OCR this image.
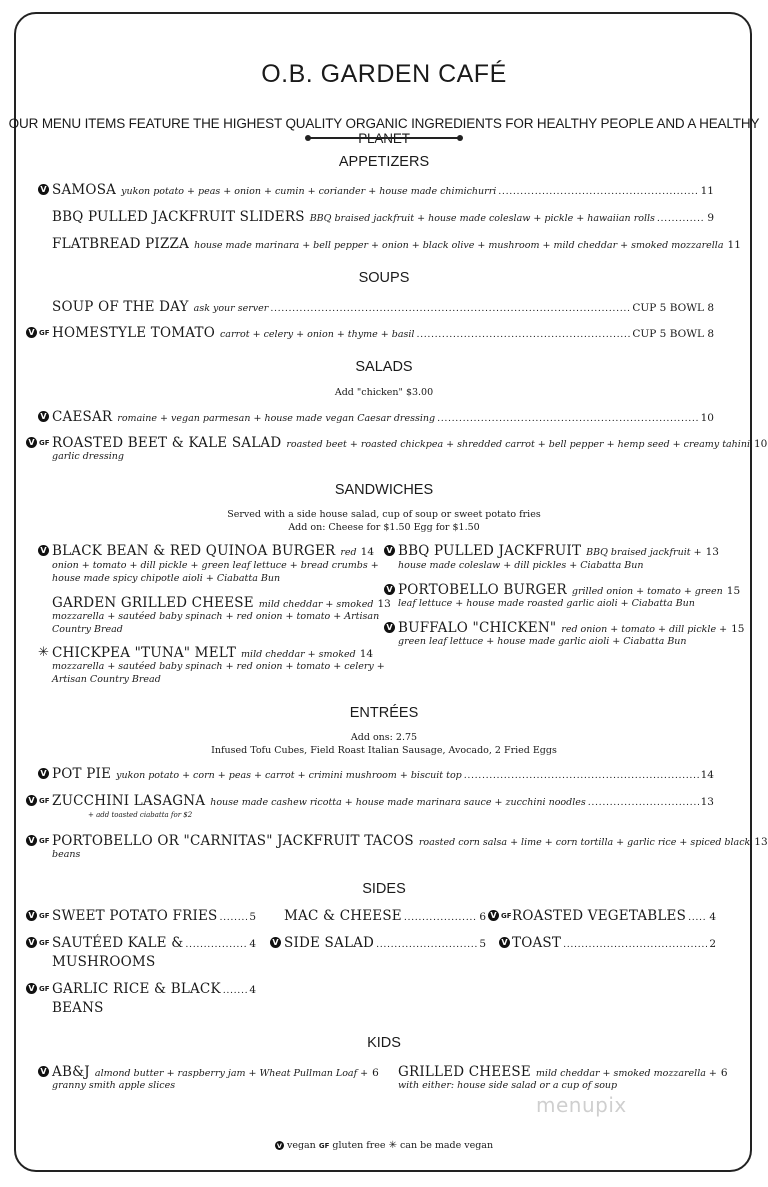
O.B. GARDEN CAFÉ
OUR MENU ITEMS FEATURE THE HIGHEST QUALITY ORGANIC INGREDIENTS FOR HEALTHY PEOPLE AND A HEALTHY
APPETIZERS
V SAMOSA yukon potato + peas + onion + cumin + coriander + house made chimichurri . . .	11
BBQ PULLED JACKFRUIT SLIDERS BBQ braised jackfruit + house made coleslaw + pickle + hawaiian rolls . . .	9
FLATBREAD PIZZA house made marinara + bell pepper + onion + black olive + mushroom + mild cheddar + smoked mozzarella 11
SOUPS
SOUP OF THE DAY ask your server . . .	CUP 5 BOWL 8
V GF HOMESTYLE TOMATO carrot + celery + onion + thyme + basil . . .	CUP 5 BOWL 8
SALADS
Add "chicken" $3.00
V CAESAR romaine + vegan parmesan + house made vegan Caesar dressing . . .	10
V GF ROASTED BEET & KALE SALAD roasted beet + roasted chickpea + shredded carrot + bell pepper + hemp seed + creamy tahini 10
garlic dressing
SANDWICHES
Served with a side house salad, cup of soup or sweet potato fries
Add on: Cheese for $1.50 Egg for $1.50
V BLACK BEAN & RED QUINOA BURGER red 14
onion + tomato + dill pickle + green leaf lettuce + bread crumbs +
house made spicy chipotle aioli + Ciabatta Bun
GARDEN GRILLED CHEESE mild cheddar + smoked 13
mozzarella + sautéed baby spinach + red onion + tomato + Artisan
Country Bread
✳ CHICKPEA "TUNA" MELT mild cheddar + smoked 14
mozzarella + sautéed baby spinach + red onion + tomato + celery +
Artisan Country Bread
V BBQ PULLED JACKFRUIT BBQ braised jackfruit + 13
house made coleslaw + dill pickles + Ciabatta Bun
V PORTOBELLO BURGER grilled onion + tomato + green 15
leaf lettuce + house made roasted garlic aioli + Ciabatta Bun
V BUFFALO "CHICKEN" red onion + tomato + dill pickle + 15
green leaf lettuce + house made garlic aioli + Ciabatta Bun
ENTRÉES
Add ons: 2.75
Infused Tofu Cubes, Field Roast Italian Sausage, Avocado, 2 Fried Eggs
V POT PIE yukon potato + corn + peas + carrot + crimini mushroom + biscuit top . . .	14
V GF ZUCCHINI LASAGNA house made cashew ricotta + house made marinara sauce + zucchini noodles . . .	13
+ add toasted ciabatta for $2
V GF PORTOBELLO OR "CARNITAS" JACKFRUIT TACOS roasted corn salsa + lime + corn tortilla + garlic rice + spiced black 13
beans
SIDES
V GF SWEET POTATO FRIES . . .	5 MAC & CHEESE . . .	6 V GF ROASTED VEGETABLES . . . 4
V GF SAUTÉED KALE & . . .	4
MUSHROOMS
V SIDE SALAD . . .	5 V TOAST . . .	2
V GF GARLIC RICE & BLACK . . .	4
BEANS
KIDS
V AB&J almond butter + raspberry jam + Wheat Pullman Loaf + 6
granny smith apple slices
GRILLED CHEESE mild cheddar + smoked mozzarella + 6
with either: house side salad or a cup of soup
menupix
V vegan GF gluten free ✳ can be made vegan
